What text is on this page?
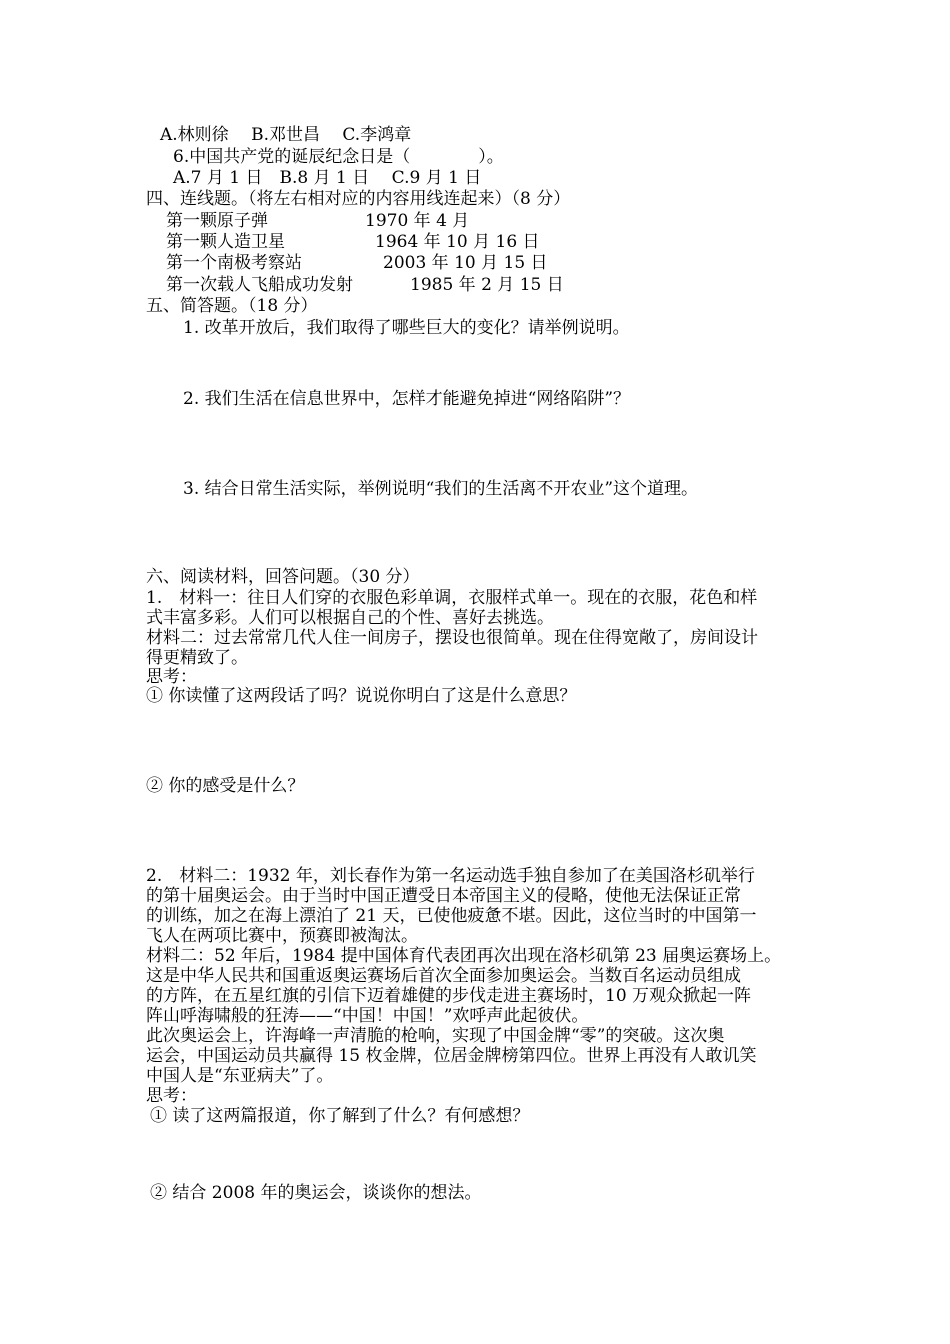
A.林则徐　 B.邓世昌　 C.李鸿章
6.中国共产党的诞辰纪念日是（　　　　）。
A.7 月 1 日　B.8 月 1 日　 C.9 月 1 日
四、连线题。（将左右相对应的内容用线连起来）（8 分）
第一颗原子弹	1970 年 4 月
第一颗人造卫星	1964 年 10 月 16 日
第一个南极考察站	2003 年 10 月 15 日
第一次载人飞船成功发射	1985 年 2 月 15 日
五、简答题。（18 分）
1. 改革开放后，我们取得了哪些巨大的变化？请举例说明。
2. 我们生活在信息世界中，怎样才能避免掉进“网络陷阱”？
3. 结合日常生活实际，举例说明“我们的生活离不开农业”这个道理。
六、阅读材料，回答问题。（30 分）
1.　材料一：往日人们穿的衣服色彩单调，衣服样式单一。现在的衣服，花色和样
式丰富多彩。人们可以根据自己的个性、喜好去挑选。
材料二：过去常常几代人住一间房子，摆设也很简单。现在住得宽敞了，房间设计
得更精致了。
思考：
① 你读懂了这两段话了吗？说说你明白了这是什么意思？
② 你的感受是什么？
2.　材料二：1932 年，刘长春作为第一名运动选手独自参加了在美国洛杉矶举行
的第十届奥运会。由于当时中国正遭受日本帝国主义的侵略，使他无法保证正常
的训练，加之在海上漂泊了 21 天，已使他疲惫不堪。因此，这位当时的中国第一
飞人在两项比赛中，预赛即被淘汰。
材料二：52 年后，1984 提中国体育代表团再次出现在洛杉矶第 23 届奥运赛场上。
这是中华人民共和国重返奥运赛场后首次全面参加奥运会。当数百名运动员组成
的方阵，在五星红旗的引信下迈着雄健的步伐走进主赛场时，10 万观众掀起一阵
阵山呼海啸般的狂涛——“中国！中国！”欢呼声此起彼伏。
此次奥运会上，许海峰一声清脆的枪响，实现了中国金牌“零”的突破。这次奥
运会，中国运动员共赢得 15 枚金牌，位居金牌榜第四位。世界上再没有人敢讥笑
中国人是“东亚病夫”了。
思考：
① 读了这两篇报道，你了解到了什么？有何感想？
② 结合 2008 年的奥运会，谈谈你的想法。
